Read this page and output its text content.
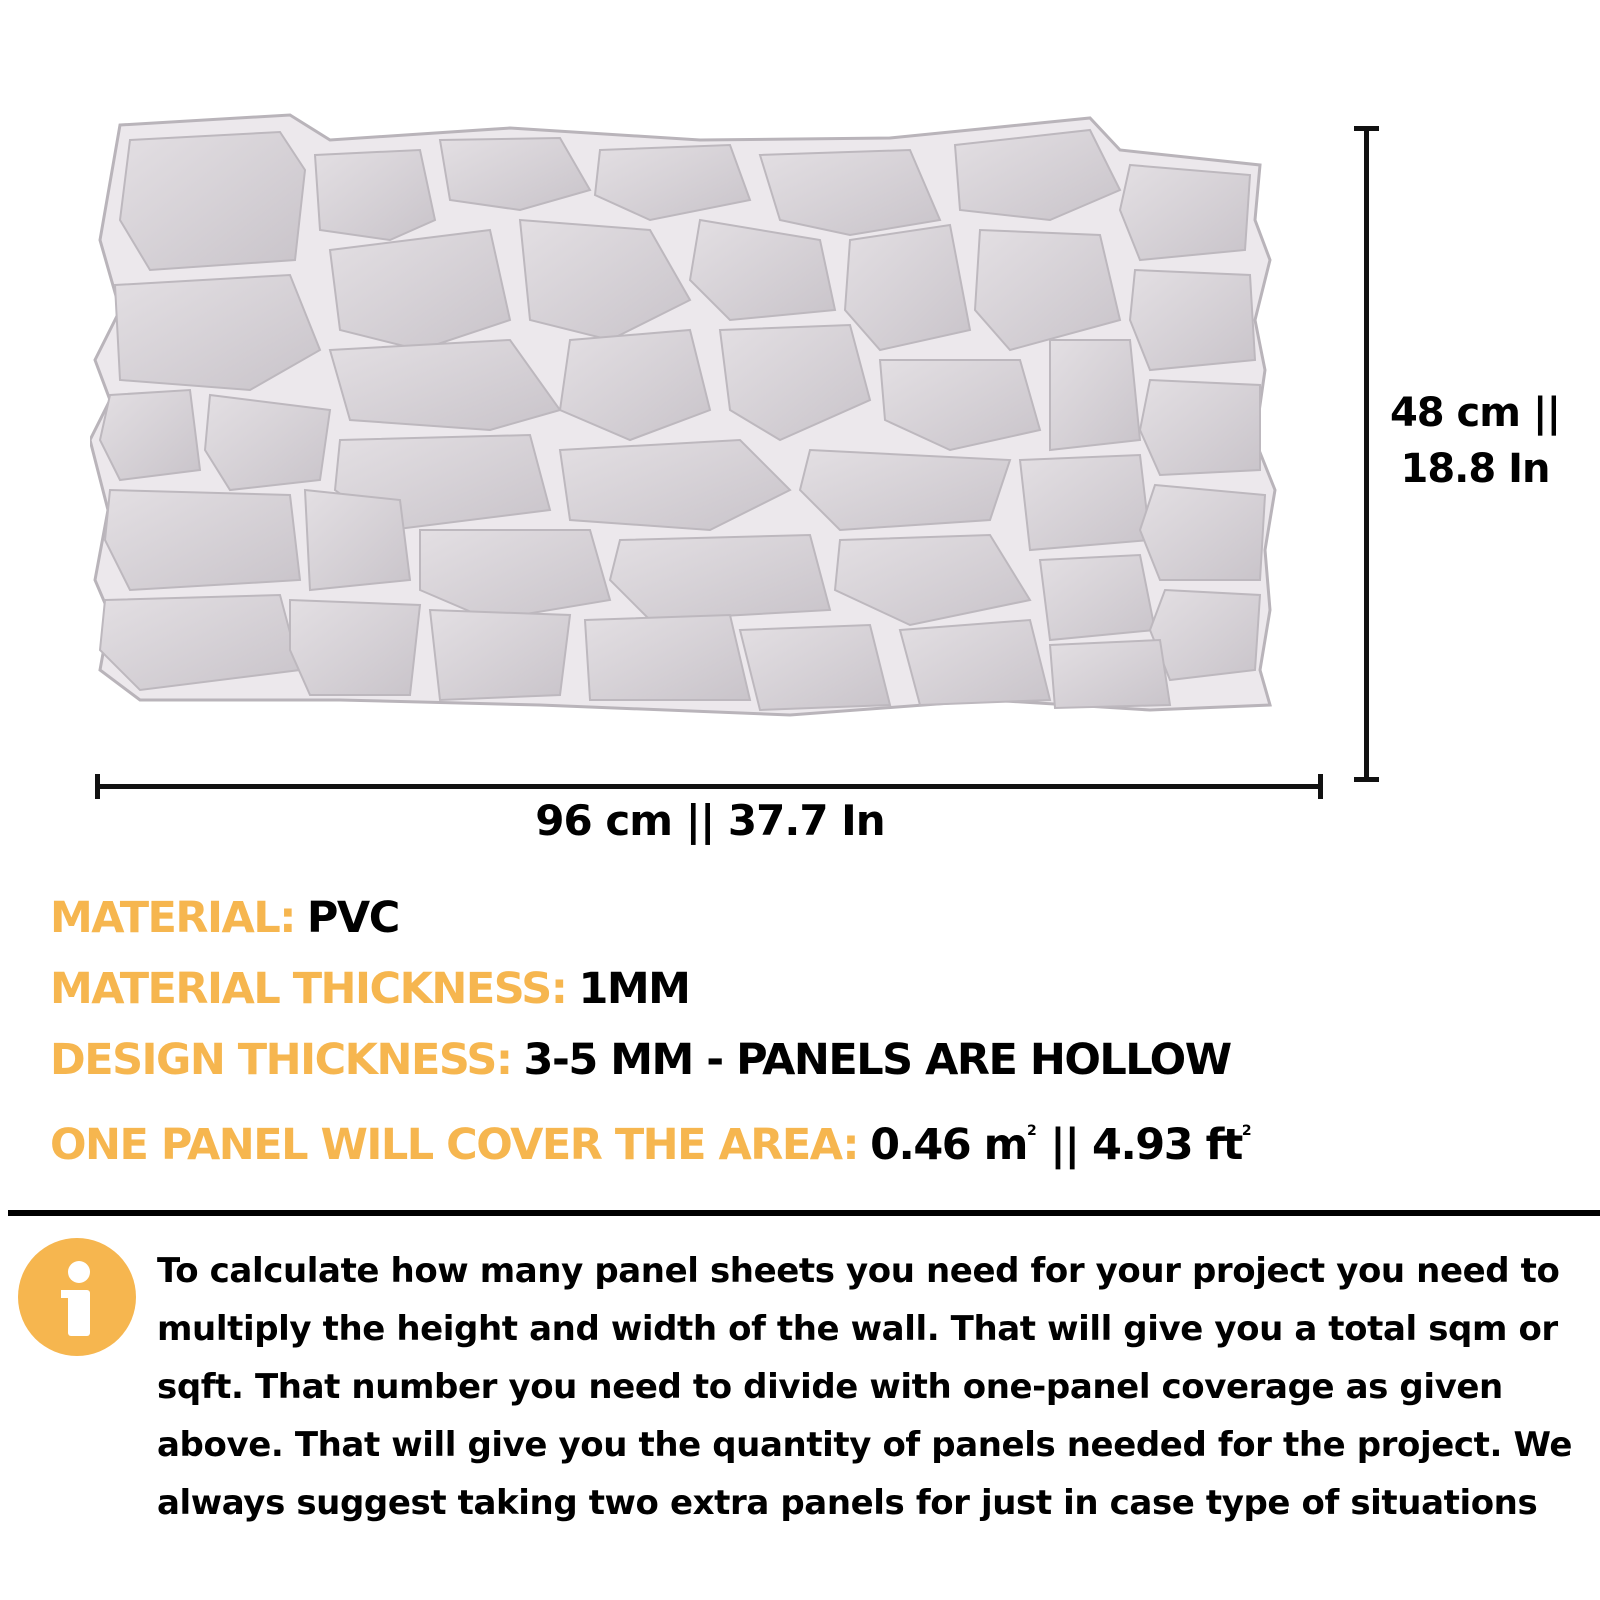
96 cm || 37.7 In
48 cm ||
18.8 In
MATERIAL: PVC
MATERIAL THICKNESS: 1MM
DESIGN THICKNESS: 3-5 MM - PANELS ARE HOLLOW
ONE PANEL WILL COVER THE AREA: 0.46 $m^2$ || 4.93 $ft^2$
To calculate how many panel sheets you need for your project you need to multiply the height and width of the wall. That will give you a total sqm or sqft. That number you need to divide with one-panel coverage as given above. That will give you the quantity of panels needed for the project. We always suggest taking two extra panels for just in case type of situations
